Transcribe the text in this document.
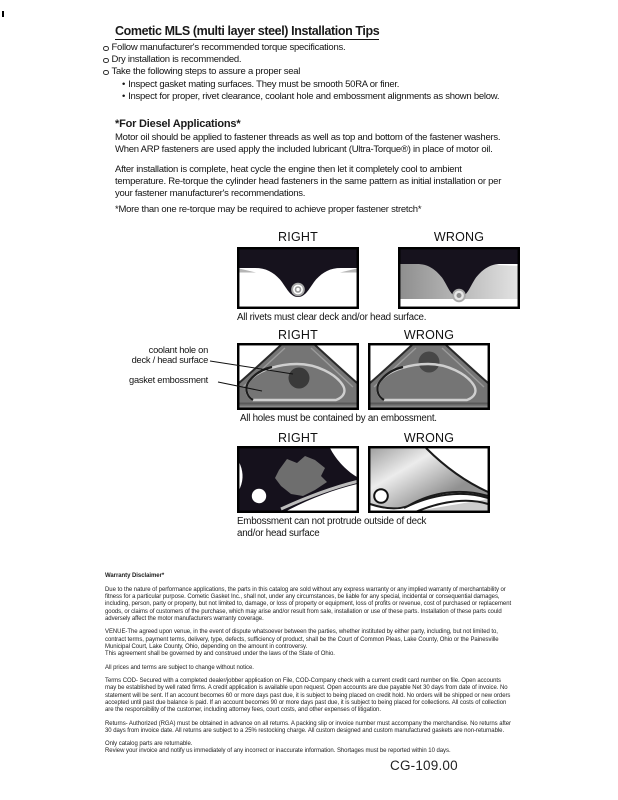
Cometic MLS (multi layer steel) Installation Tips
Follow manufacturer's recommended torque specifications.
Dry installation is recommended.
Take the following steps to assure a proper seal
• Inspect gasket mating surfaces. They must be smooth 50RA or finer.
• Inspect for proper, rivet clearance, coolant hole and embossment alignments as shown below.
*For Diesel Applications*
Motor oil should be applied to fastener threads as well as top and bottom of the fastener washers. When ARP fasteners are used apply the included lubricant (Ultra-Torque®) in place of motor oil.
After installation is complete, heat cycle the engine then let it completely cool to ambient temperature. Re-torque the cylinder head fasteners in the same pattern as initial installation or per your fastener manufacturer's recommendations.
*More than one re-torque may be required to achieve proper fastener stretch*
RIGHT	WRONG
All rivets must clear deck and/or head surface.
RIGHT	WRONG
coolant hole on
deck / head surface
gasket embossment
All holes must be contained by an embossment.
RIGHT	WRONG
Embossment can not protrude outside of deck
and/or head surface

Warranty Disclaimer*

Due to the nature of performance applications, the parts in this catalog are sold without any express warranty or any implied warranty of merchantability or fitness for a particular purpose. Cometic Gasket Inc., shall not, under any circumstances, be liable for any special, incidental or consequential damages, including, person, party or property, but not limited to, damage, or loss of property or equipment, loss of profits or revenue, cost of purchased or replacement goods, or claims of customers of the purchase, which may arise and/or result from sale, installation or use of these parts. Installation of these parts could adversely affect the motor manufacturers warranty coverage.

VENUE-The agreed upon venue, in the event of dispute whatsoever between the parties, whether instituted by either party, including, but not limited to, contract terms, payment terms, delivery, type, defects, sufficiency of product, shall be the Court of Common Pleas, Lake County, Ohio or the Painesville Municipal Court, Lake County, Ohio, depending on the amount in controversy.

This agreement shall be governed by and construed under the laws of the State of Ohio.

All prices and terms are subject to change without notice.

Terms COD- Secured with a completed dealer/jobber application on File, COD-Company check with a current credit card number on file. Open accounts may be established by well rated firms. A credit application is available upon request. Open accounts are due payable Net 30 days from date of invoice. No statement will be sent. If an account becomes 60 or more days past due, it is subject to being placed on credit hold. No orders will be shipped or new orders accepted until past due balance is paid. If an account becomes 90 or more days past due, it is subject to being placed for collections. All costs of collection are the responsibility of the customer, including attorney fees, court costs, and other expenses of litigation.

Returns- Authorized (RGA) must be obtained in advance on all returns. A packing slip or invoice number must accompany the merchandise. No returns after 30 days from invoice date. All returns are subject to a 25% restocking charge. All custom designed and custom manufactured gaskets are non-returnable.

Only catalog parts are returnable.

Review your invoice and notify us immediately of any incorrect or inaccurate information. Shortages must be reported within 10 days.

CG-109.00
